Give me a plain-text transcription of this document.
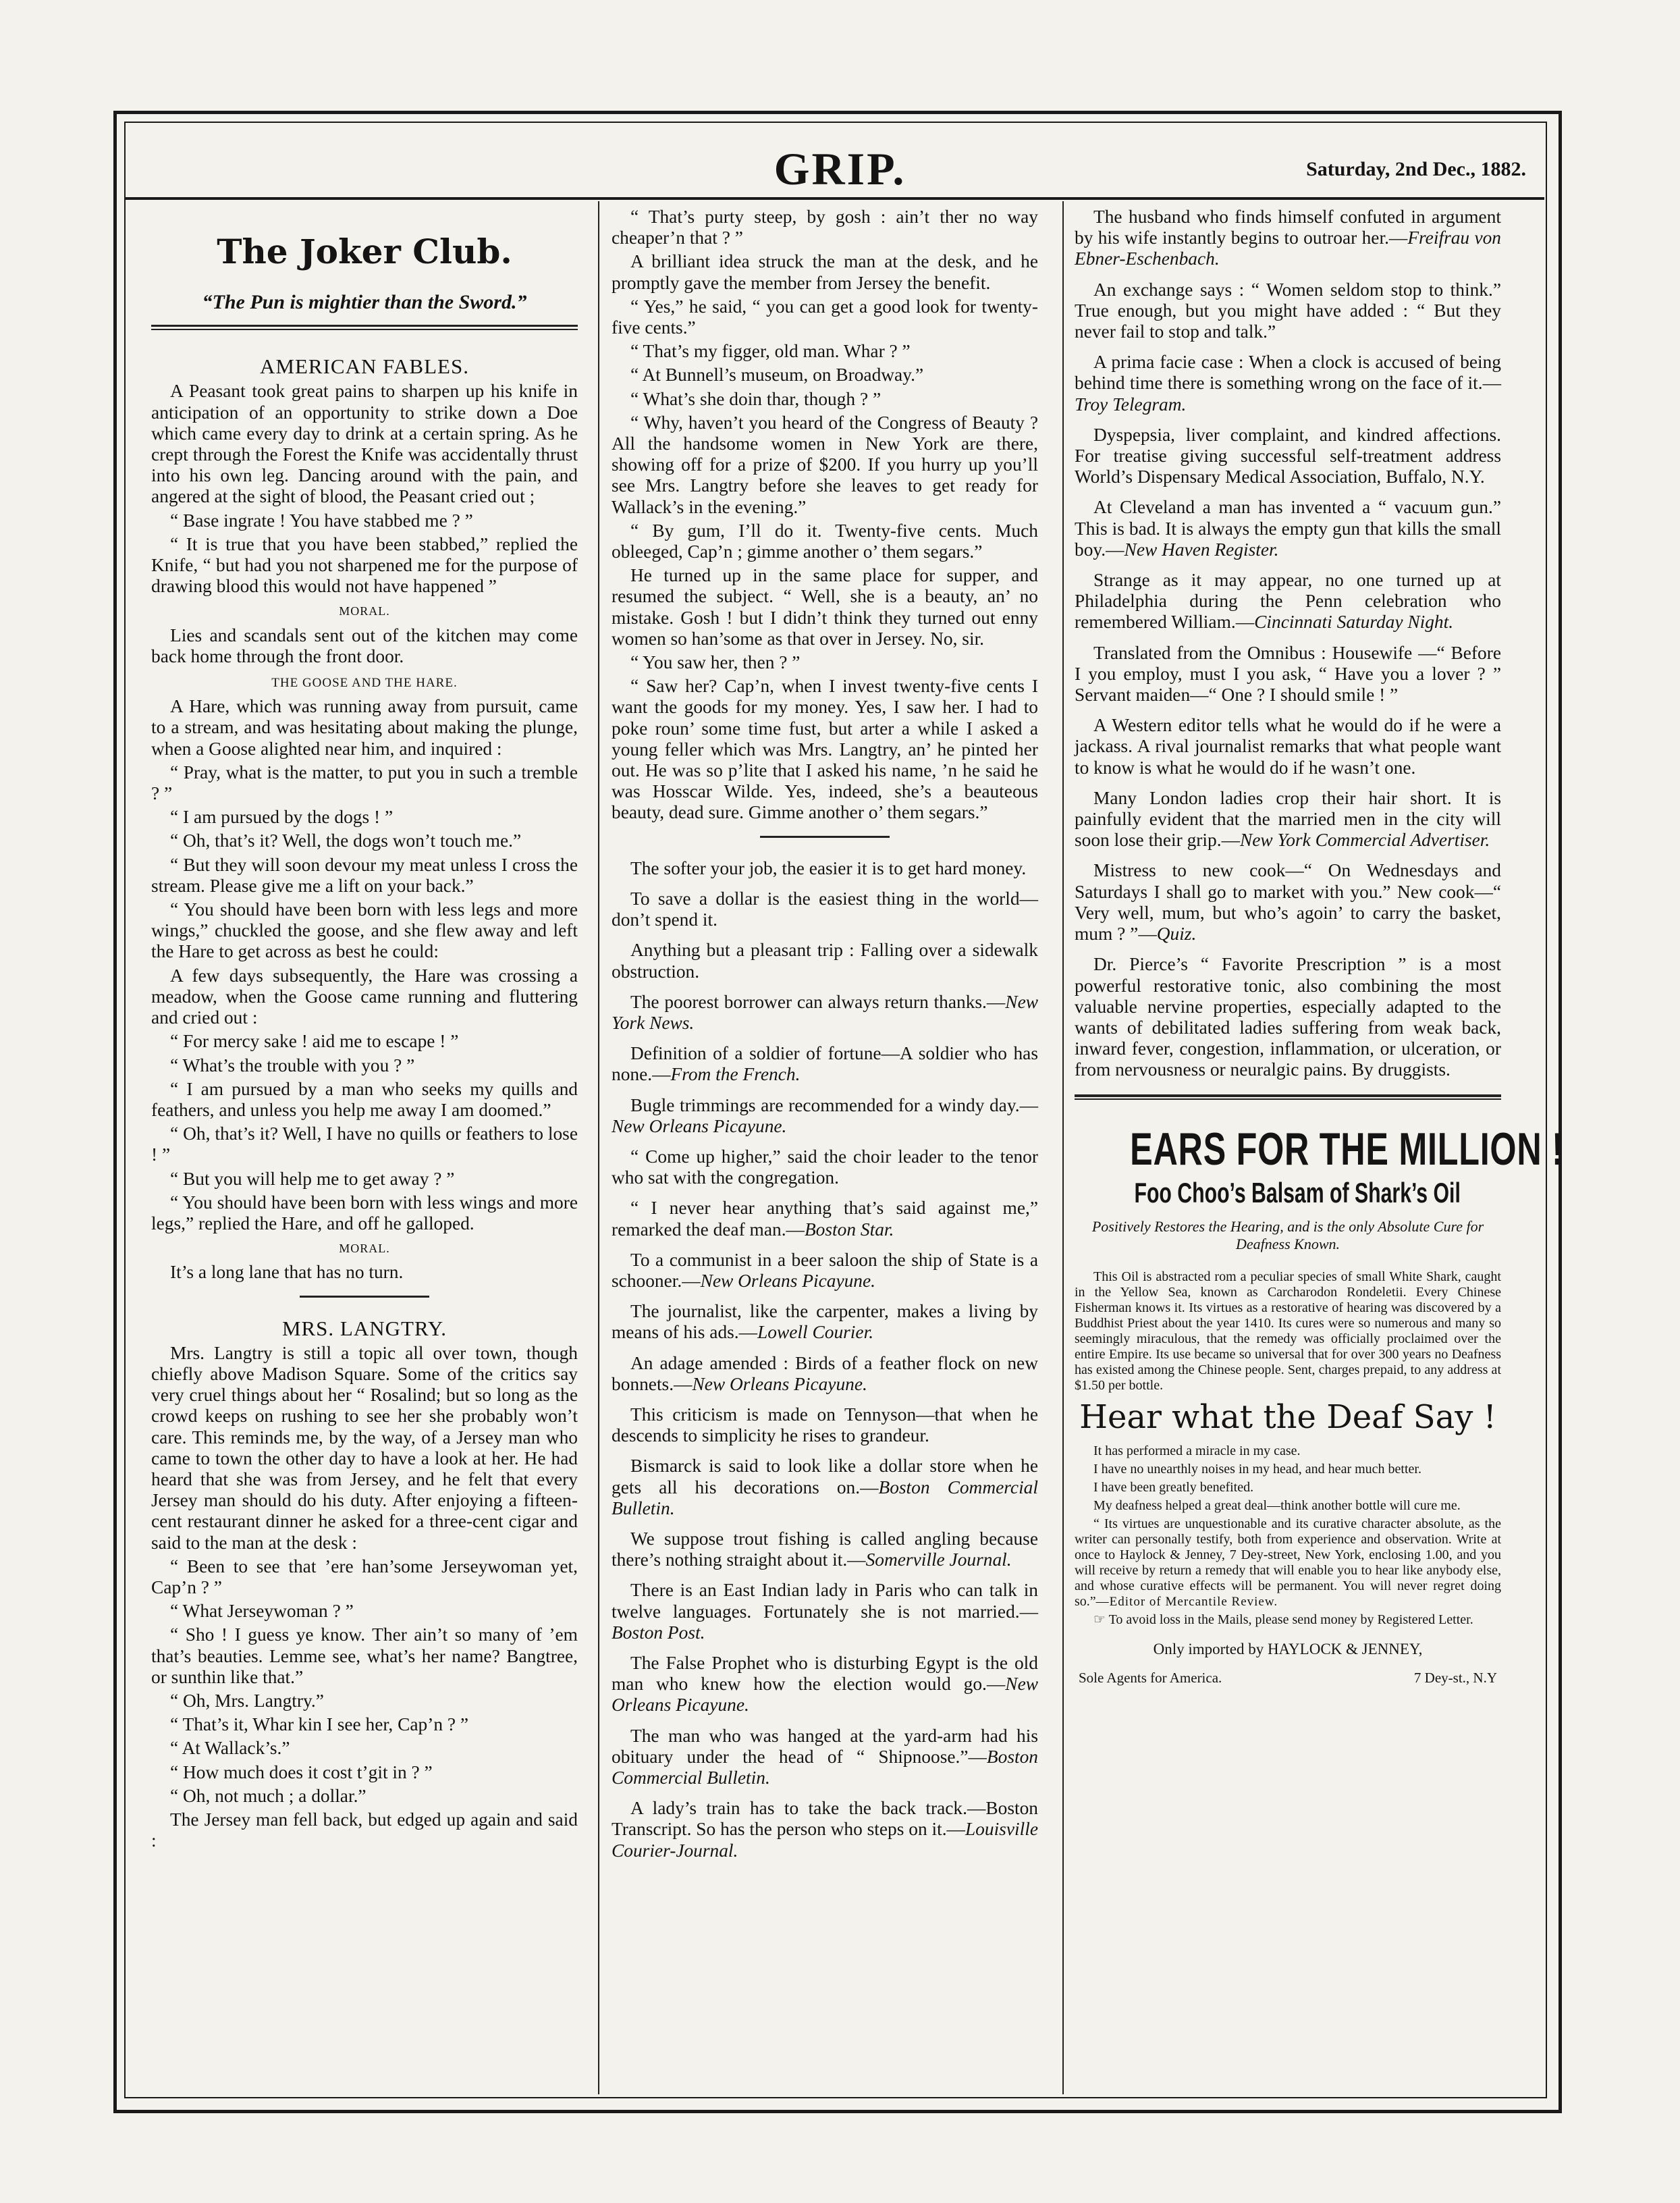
GRIP.	Saturday, 2nd Dec., 1882.
The Joker Club.
“The Pun is mightier than the Sword.”
AMERICAN FABLES.

A Peasant took great pains to sharpen up his knife in anticipation of an opportunity to strike down a Doe which came every day to drink at a certain spring. As he crept through the Forest the Knife was accidentally thrust into his own leg. Dancing around with the pain, and angered at the sight of blood, the Peasant cried out ;

“ Base ingrate ! You have stabbed me ? ”

“ It is true that you have been stabbed,” replied the Knife, “ but had you not sharpened me for the purpose of drawing blood this would not have happened ”

MORAL.

Lies and scandals sent out of the kitchen may come back home through the front door.

THE GOOSE AND THE HARE.

A Hare, which was running away from pursuit, came to a stream, and was hesitating about making the plunge, when a Goose alighted near him, and inquired :

“ Pray, what is the matter, to put you in such a tremble ? ”

“ I am pursued by the dogs ! ”

“ Oh, that’s it? Well, the dogs won’t touch me.”

“ But they will soon devour my meat unless I cross the stream. Please give me a lift on your back.”

“ You should have been born with less legs and more wings,” chuckled the goose, and she flew away and left the Hare to get across as best he could:

A few days subsequently, the Hare was crossing a meadow, when the Goose came running and fluttering and cried out :

“ For mercy sake ! aid me to escape ! ”

“ What’s the trouble with you ? ”

“ I am pursued by a man who seeks my quills and feathers, and unless you help me away I am doomed.”

“ Oh, that’s it? Well, I have no quills or feathers to lose ! ”

“ But you will help me to get away ? ”

“ You should have been born with less wings and more legs,” replied the Hare, and off he galloped.

MORAL.

It’s a long lane that has no turn.

MRS. LANGTRY.

Mrs. Langtry is still a topic all over town, though chiefly above Madison Square. Some of the critics say very cruel things about her “ Rosalind; but so long as the crowd keeps on rushing to see her she probably won’t care. This reminds me, by the way, of a Jersey man who came to town the other day to have a look at her. He had heard that she was from Jersey, and he felt that every Jersey man should do his duty. After enjoying a fifteen-cent restaurant dinner he asked for a three-cent cigar and said to the man at the desk :

“ Been to see that ’ere han’some Jerseywoman yet, Cap’n ? ”

“ What Jerseywoman ? ”

“ Sho ! I guess ye know. Ther ain’t so many of ’em that’s beauties. Lemme see, what’s her name? Bangtree, or sunthin like that.”

“ Oh, Mrs. Langtry.”

“ That’s it, Whar kin I see her, Cap’n ? ”

“ At Wallack’s.”

“ How much does it cost t’git in ? ”

“ Oh, not much ; a dollar.”

The Jersey man fell back, but edged up again and said :

“ That’s purty steep, by gosh : ain’t ther no way cheaper’n that ? ”

A brilliant idea struck the man at the desk, and he promptly gave the member from Jersey the benefit.

“ Yes,” he said, “ you can get a good look for twenty-five cents.”

“ That’s my figger, old man. Whar ? ”

“ At Bunnell’s museum, on Broadway.”

“ What’s she doin thar, though ? ”

“ Why, haven’t you heard of the Congress of Beauty ? All the handsome women in New York are there, showing off for a prize of $200. If you hurry up you’ll see Mrs. Langtry before she leaves to get ready for Wallack’s in the evening.”

“ By gum, I’ll do it. Twenty-five cents. Much obleeged, Cap’n ; gimme another o’ them segars.”

He turned up in the same place for supper, and resumed the subject. “ Well, she is a beauty, an’ no mistake. Gosh ! but I didn’t think they turned out enny women so han’some as that over in Jersey. No, sir.

“ You saw her, then ? ”

“ Saw her? Cap’n, when I invest twenty-five cents I want the goods for my money. Yes, I saw her. I had to poke roun’ some time fust, but arter a while I asked a young feller which was Mrs. Langtry, an’ he pinted her out. He was so p’lite that I asked his name, ’n he said he was Hosscar Wilde. Yes, indeed, she’s a beauteous beauty, dead sure. Gimme another o’ them segars.”

The softer your job, the easier it is to get hard money.

To save a dollar is the easiest thing in the world—don’t spend it.

Anything but a pleasant trip : Falling over a sidewalk obstruction.

The poorest borrower can always return thanks.—New York News.

Definition of a soldier of fortune—A soldier who has none.—From the French.

Bugle trimmings are recommended for a windy day.—New Orleans Picayune.

“ Come up higher,” said the choir leader to the tenor who sat with the congregation.

“ I never hear anything that’s said against me,” remarked the deaf man.—Boston Star.

To a communist in a beer saloon the ship of State is a schooner.—New Orleans Picayune.

The journalist, like the carpenter, makes a living by means of his ads.—Lowell Courier.

An adage amended : Birds of a feather flock on new bonnets.—New Orleans Picayune.

This criticism is made on Tennyson—that when he descends to simplicity he rises to grandeur.

Bismarck is said to look like a dollar store when he gets all his decorations on.—Boston Commercial Bulletin.

We suppose trout fishing is called angling because there’s nothing straight about it.—Somerville Journal.

There is an East Indian lady in Paris who can talk in twelve languages. Fortunately she is not married.—Boston Post.

The False Prophet who is disturbing Egypt is the old man who knew how the election would go.—New Orleans Picayune.

The man who was hanged at the yard-arm had his obituary under the head of “ Shipnoose.”—Boston Commercial Bulletin.

A lady’s train has to take the back track.—Boston Transcript. So has the person who steps on it.—Louisville Courier-Journal.

The husband who finds himself confuted in argument by his wife instantly begins to outroar her.—Freifrau von Ebner-Eschenbach.

An exchange says : “ Women seldom stop to think.” True enough, but you might have added : “ But they never fail to stop and talk.”

A prima facie case : When a clock is accused of being behind time there is something wrong on the face of it.—Troy Telegram.

Dyspepsia, liver complaint, and kindred affections. For treatise giving successful self-treatment address World’s Dispensary Medical Association, Buffalo, N.Y.

At Cleveland a man has invented a “ vacuum gun.” This is bad. It is always the empty gun that kills the small boy.—New Haven Register.

Strange as it may appear, no one turned up at Philadelphia during the Penn celebration who remembered William.—Cincinnati Saturday Night.

Translated from the Omnibus : Housewife —“ Before I you employ, must I you ask, “ Have you a lover ? ” Servant maiden—“ One ? I should smile ! ”

A Western editor tells what he would do if he were a jackass. A rival journalist remarks that what people want to know is what he would do if he wasn’t one.

Many London ladies crop their hair short. It is painfully evident that the married men in the city will soon lose their grip.—New York Commercial Advertiser.

Mistress to new cook—“ On Wednesdays and Saturdays I shall go to market with you.” New cook—“ Very well, mum, but who’s agoin’ to carry the basket, mum ? ”—Quiz.

Dr. Pierce’s “ Favorite Prescription ” is a most powerful restorative tonic, also combining the most valuable nervine properties, especially adapted to the wants of debilitated ladies suffering from weak back, inward fever, congestion, inflammation, or ulceration, or from nervousness or neuralgic pains. By druggists.

EARS FOR THE MILLION !
Foo Choo’s Balsam of Shark’s Oil
Positively Restores the Hearing, and is the only Absolute Cure for Deafness Known.

This Oil is abstracted rom a peculiar species of small White Shark, caught in the Yellow Sea, known as Carcharodon Rondeletii. Every Chinese Fisherman knows it. Its virtues as a restorative of hearing was discovered by a Buddhist Priest about the year 1410. Its cures were so numerous and many so seemingly miraculous, that the remedy was officially proclaimed over the entire Empire. Its use became so universal that for over 300 years no Deafness has existed among the Chinese people. Sent, charges prepaid, to any address at $1.50 per bottle.

Hear what the Deaf Say !

It has performed a miracle in my case.

I have no unearthly noises in my head, and hear much better.

I have been greatly benefited.

My deafness helped a great deal—think another bottle will cure me.

“ Its virtues are unquestionable and its curative character absolute, as the writer can personally testify, both from experience and observation. Write at once to Haylock & Jenney, 7 Dey-street, New York, enclosing 1.00, and you will receive by return a remedy that will enable you to hear like anybody else, and whose curative effects will be permanent. You will never regret doing so.”—Editor of Mercantile Review.

☞ To avoid loss in the Mails, please send money by Registered Letter.

Only imported by HAYLOCK & JENNEY,
Sole Agents for America.	7 Dey-st., N.Y
